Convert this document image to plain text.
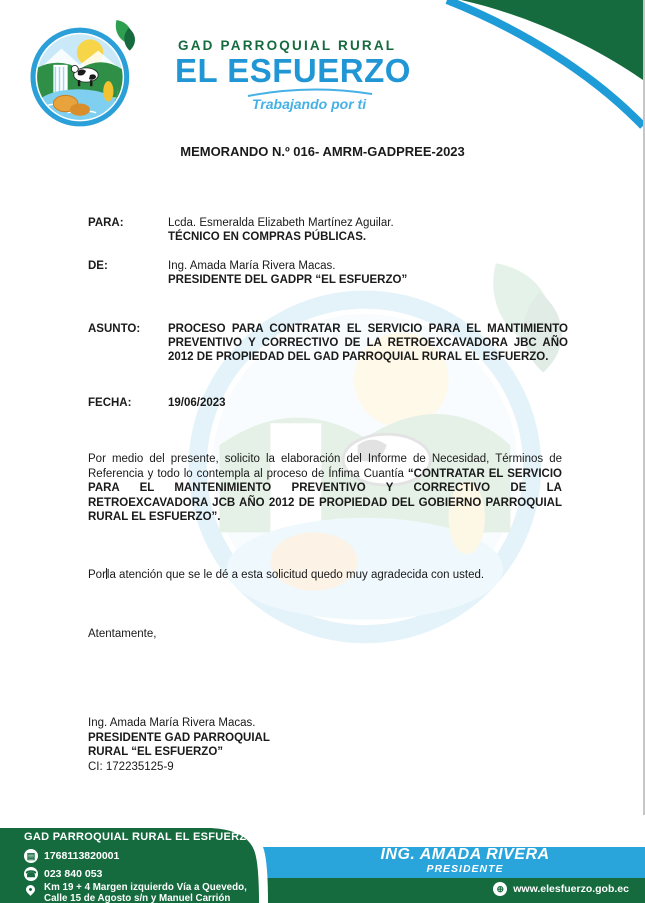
GAD PARROQUIAL RURAL
EL ESFUERZO
Trabajando por ti
MEMORANDO N.º 016- AMRM-GADPREE-2023
PARA:	Lcda. Esmeralda Elizabeth Martínez Aguilar.
TÉCNICO EN COMPRAS PÚBLICAS.
DE:	Ing. Amada María Rivera Macas.
PRESIDENTE DEL GADPR “EL ESFUERZO”
ASUNTO:	PROCESO PARA CONTRATAR EL SERVICIO PARA EL MANTIMIENTO PREVENTIVO Y CORRECTIVO DE LA RETROEXCAVADORA JBC AÑO 2012 DE PROPIEDAD DEL GAD PARROQUIAL RURAL EL ESFUERZO.
FECHA:	19/06/2023
Por medio del presente, solicito la elaboración del Informe de Necesidad, Términos de Referencia y todo lo contempla al proceso de Ínfima Cuantía “CONTRATAR EL SERVICIO PARA EL MANTENIMIENTO PREVENTIVO Y CORRECTIVO DE LA RETROEXCAVADORA JCB AÑO 2012 DE PROPIEDAD DEL GOBIERNO PARROQUIAL RURAL EL ESFUERZO”.
Porla atención que se le dé a esta solicitud quedo muy agradecida con usted.
Atentamente,
Ing. Amada María Rivera Macas.
PRESIDENTE GAD PARROQUIAL
RURAL “EL ESFUERZO”
CI: 172235125-9
GAD PARROQUIAL RURAL EL ESFUERZO
▤ 1768113820001
☎ 023 840 053
Km 19 + 4 Margen izquierdo Vía a Quevedo,
Calle 15 de Agosto s/n y Manuel Carrión
ING. AMADA RIVERA
PRESIDENTE
⊕ www.elesfuerzo.gob.ec
